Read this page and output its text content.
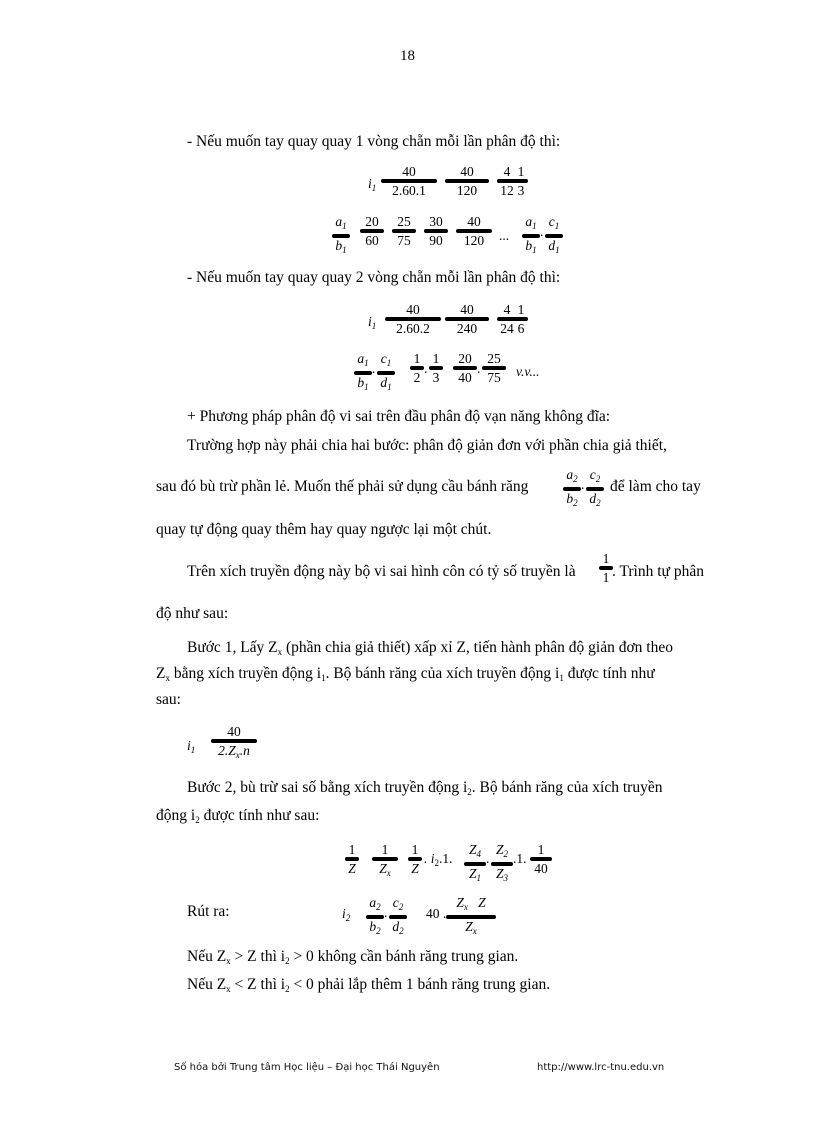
18
- Nếu muốn tay quay quay 1 vòng chẵn mỗi lần phân độ thì:
$i_1$
40
2.60.1
40
120
4
12
1
3
$a_1$
$b_1$
20
60
25
75
30
90
40
120	...
$a_1$
$b_1$
.
$c_1$
$d_1$
- Nếu muốn tay quay quay 2 vòng chẵn mỗi lần phân độ thì:
$i_1$
40
2.60.2
40
240
4
24
1
6
$a_1$
$b_1$
.
$c_1$
$d_1$
1
2
.
1
3
20
40
.
25
75	v.v...
+ Phương pháp phân độ vi sai trên đầu phân độ vạn năng không đĩa:
Trường hợp này phải chia hai bước: phân độ giản đơn với phần chia giả thiết,
sau đó bù trừ phần lẻ. Muốn thế phải sử dụng cầu bánh răng
$a_2$
$b_2$
.
$c_2$
$d_2$
để làm cho tay
quay tự động quay thêm hay quay ngược lại một chút.
Trên xích truyền động này bộ vi sai hình côn có tỷ số truyền là
1
1 . Trình tự phân
độ như sau:
Bước 1, Lấy $Z_x$ (phần chia giả thiết) xấp xỉ Z, tiến hành phân độ giản đơn theo
$Z_x$ bằng xích truyền động $i_1$. Bộ bánh răng của xích truyền động $i_1$ được tính như
sau:
$i_1$
40
$2.Z_x.n$
Bước 2, bù trừ sai số bằng xích truyền động $i_2$. Bộ bánh răng của xích truyền
động $i_2$ được tính như sau:
1
Z
1
$Z_x$
1
Z
. $i_2.1$.
$Z_4$
$Z_1$
.
$Z_2$
$Z_3$
.1.
1
40
Rút ra:	$i_2$
$a_2$
$b_2$
.
$c_2$
$d_2$
40 .
$Z_x$ Z
$Z_x$
Nếu $Z_x > Z$ thì $i_2 > 0$ không cần bánh răng trung gian.
Nếu $Z_x < Z$ thì $i_2 < 0$ phải lắp thêm 1 bánh răng trung gian.
Số hóa bởi Trung tâm Học liệu – Đại học Thái Nguyên	http://www.lrc-tnu.edu.vn
